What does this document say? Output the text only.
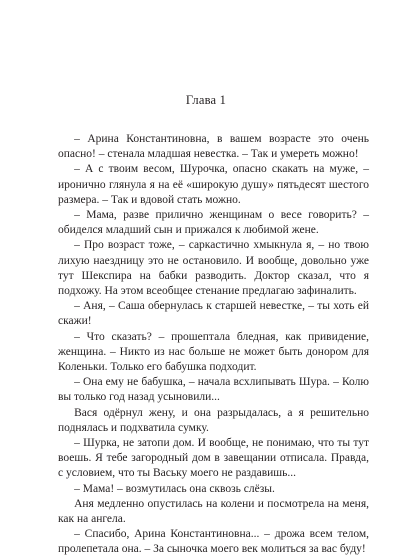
Глава 1

– Арина Константиновна, в вашем возрасте это очень опасно! – стенала младшая невестка. – Так и умереть можно!

– А с твоим весом, Шурочка, опасно скакать на муже, – иронично глянула я на её «широкую душу» пятьдесят шестого размера. – Так и вдовой стать можно.

– Мама, разве прилично женщинам о весе говорить? – обиделся младший сын и прижался к любимой жене.

– Про возраст тоже, – саркастично хмыкнула я, – но твою лихую наездницу это не остановило. И вообще, довольно уже тут Шекспира на бабки разводить. Доктор сказал, что я подхожу. На этом всеобщее стенание предлагаю зафиналить.

– Аня, – Саша обернулась к старшей невестке, – ты хоть ей скажи!

– Что сказать? – прошептала бледная, как привидение, женщина. – Никто из нас больше не может быть донором для Коленьки. Только его бабушка подходит.

– Она ему не бабушка, – начала всхлипывать Шура. – Колю вы только год назад усыновили...

Вася одёрнул жену, и она разрыдалась, а я решительно поднялась и подхватила сумку.

– Шурка, не затопи дом. И вообще, не понимаю, что ты тут воешь. Я тебе загородный дом в завещании отписала. Правда, с условием, что ты Ваську моего не раздавишь...

– Мама! – возмутилась она сквозь слёзы.

Аня медленно опустилась на колени и посмотрела на меня, как на ангела.

– Спасибо, Арина Константиновна... – дрожа всем телом, пролепетала она. – За сыночка моего век молиться за вас буду!
